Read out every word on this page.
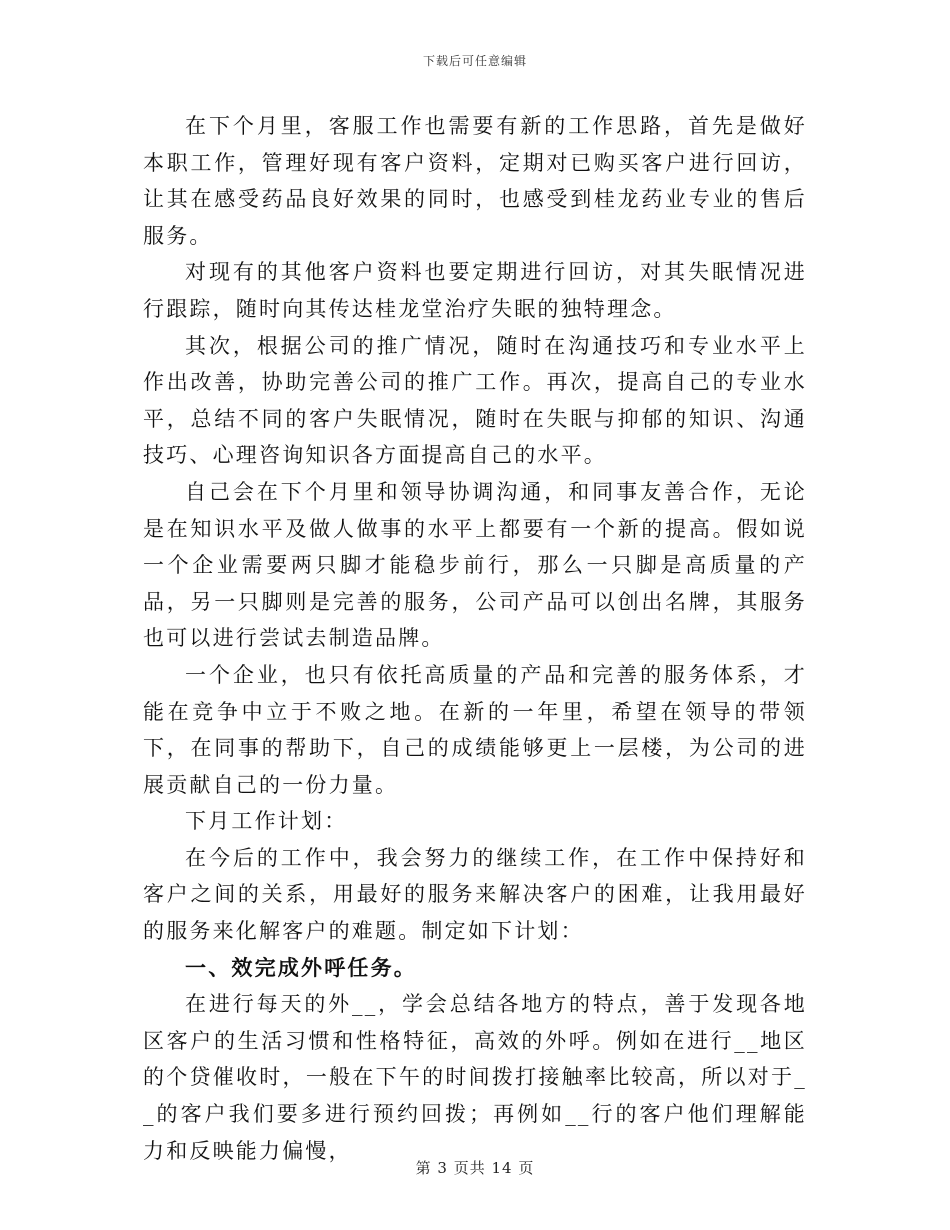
下载后可任意编辑

在下个月里，客服工作也需要有新的工作思路，首先是做好本职工作，管理好现有客户资料，定期对已购买客户进行回访，让其在感受药品良好效果的同时，也感受到桂龙药业专业的售后服务。

对现有的其他客户资料也要定期进行回访，对其失眠情况进行跟踪，随时向其传达桂龙堂治疗失眠的独特理念。

其次，根据公司的推广情况，随时在沟通技巧和专业水平上作出改善，协助完善公司的推广工作。再次，提高自己的专业水平，总结不同的客户失眠情况，随时在失眠与抑郁的知识、沟通技巧、心理咨询知识各方面提高自己的水平。

自己会在下个月里和领导协调沟通，和同事友善合作，无论是在知识水平及做人做事的水平上都要有一个新的提高。假如说一个企业需要两只脚才能稳步前行，那么一只脚是高质量的产品，另一只脚则是完善的服务，公司产品可以创出名牌，其服务也可以进行尝试去制造品牌。

一个企业，也只有依托高质量的产品和完善的服务体系，才能在竞争中立于不败之地。在新的一年里，希望在领导的带领下，在同事的帮助下，自己的成绩能够更上一层楼，为公司的进展贡献自己的一份力量。

下月工作计划：

在今后的工作中，我会努力的继续工作，在工作中保持好和客户之间的关系，用最好的服务来解决客户的困难，让我用最好的服务来化解客户的难题。制定如下计划：

一、效完成外呼任务。

在进行每天的外__，学会总结各地方的特点，善于发现各地区客户的生活习惯和性格特征，高效的外呼。例如在进行__地区的个贷催收时，一般在下午的时间拨打接触率比较高，所以对于__的客户我们要多进行预约回拨；再例如__行的客户他们理解能力和反映能力偏慢，

第 3 页共 14 页
